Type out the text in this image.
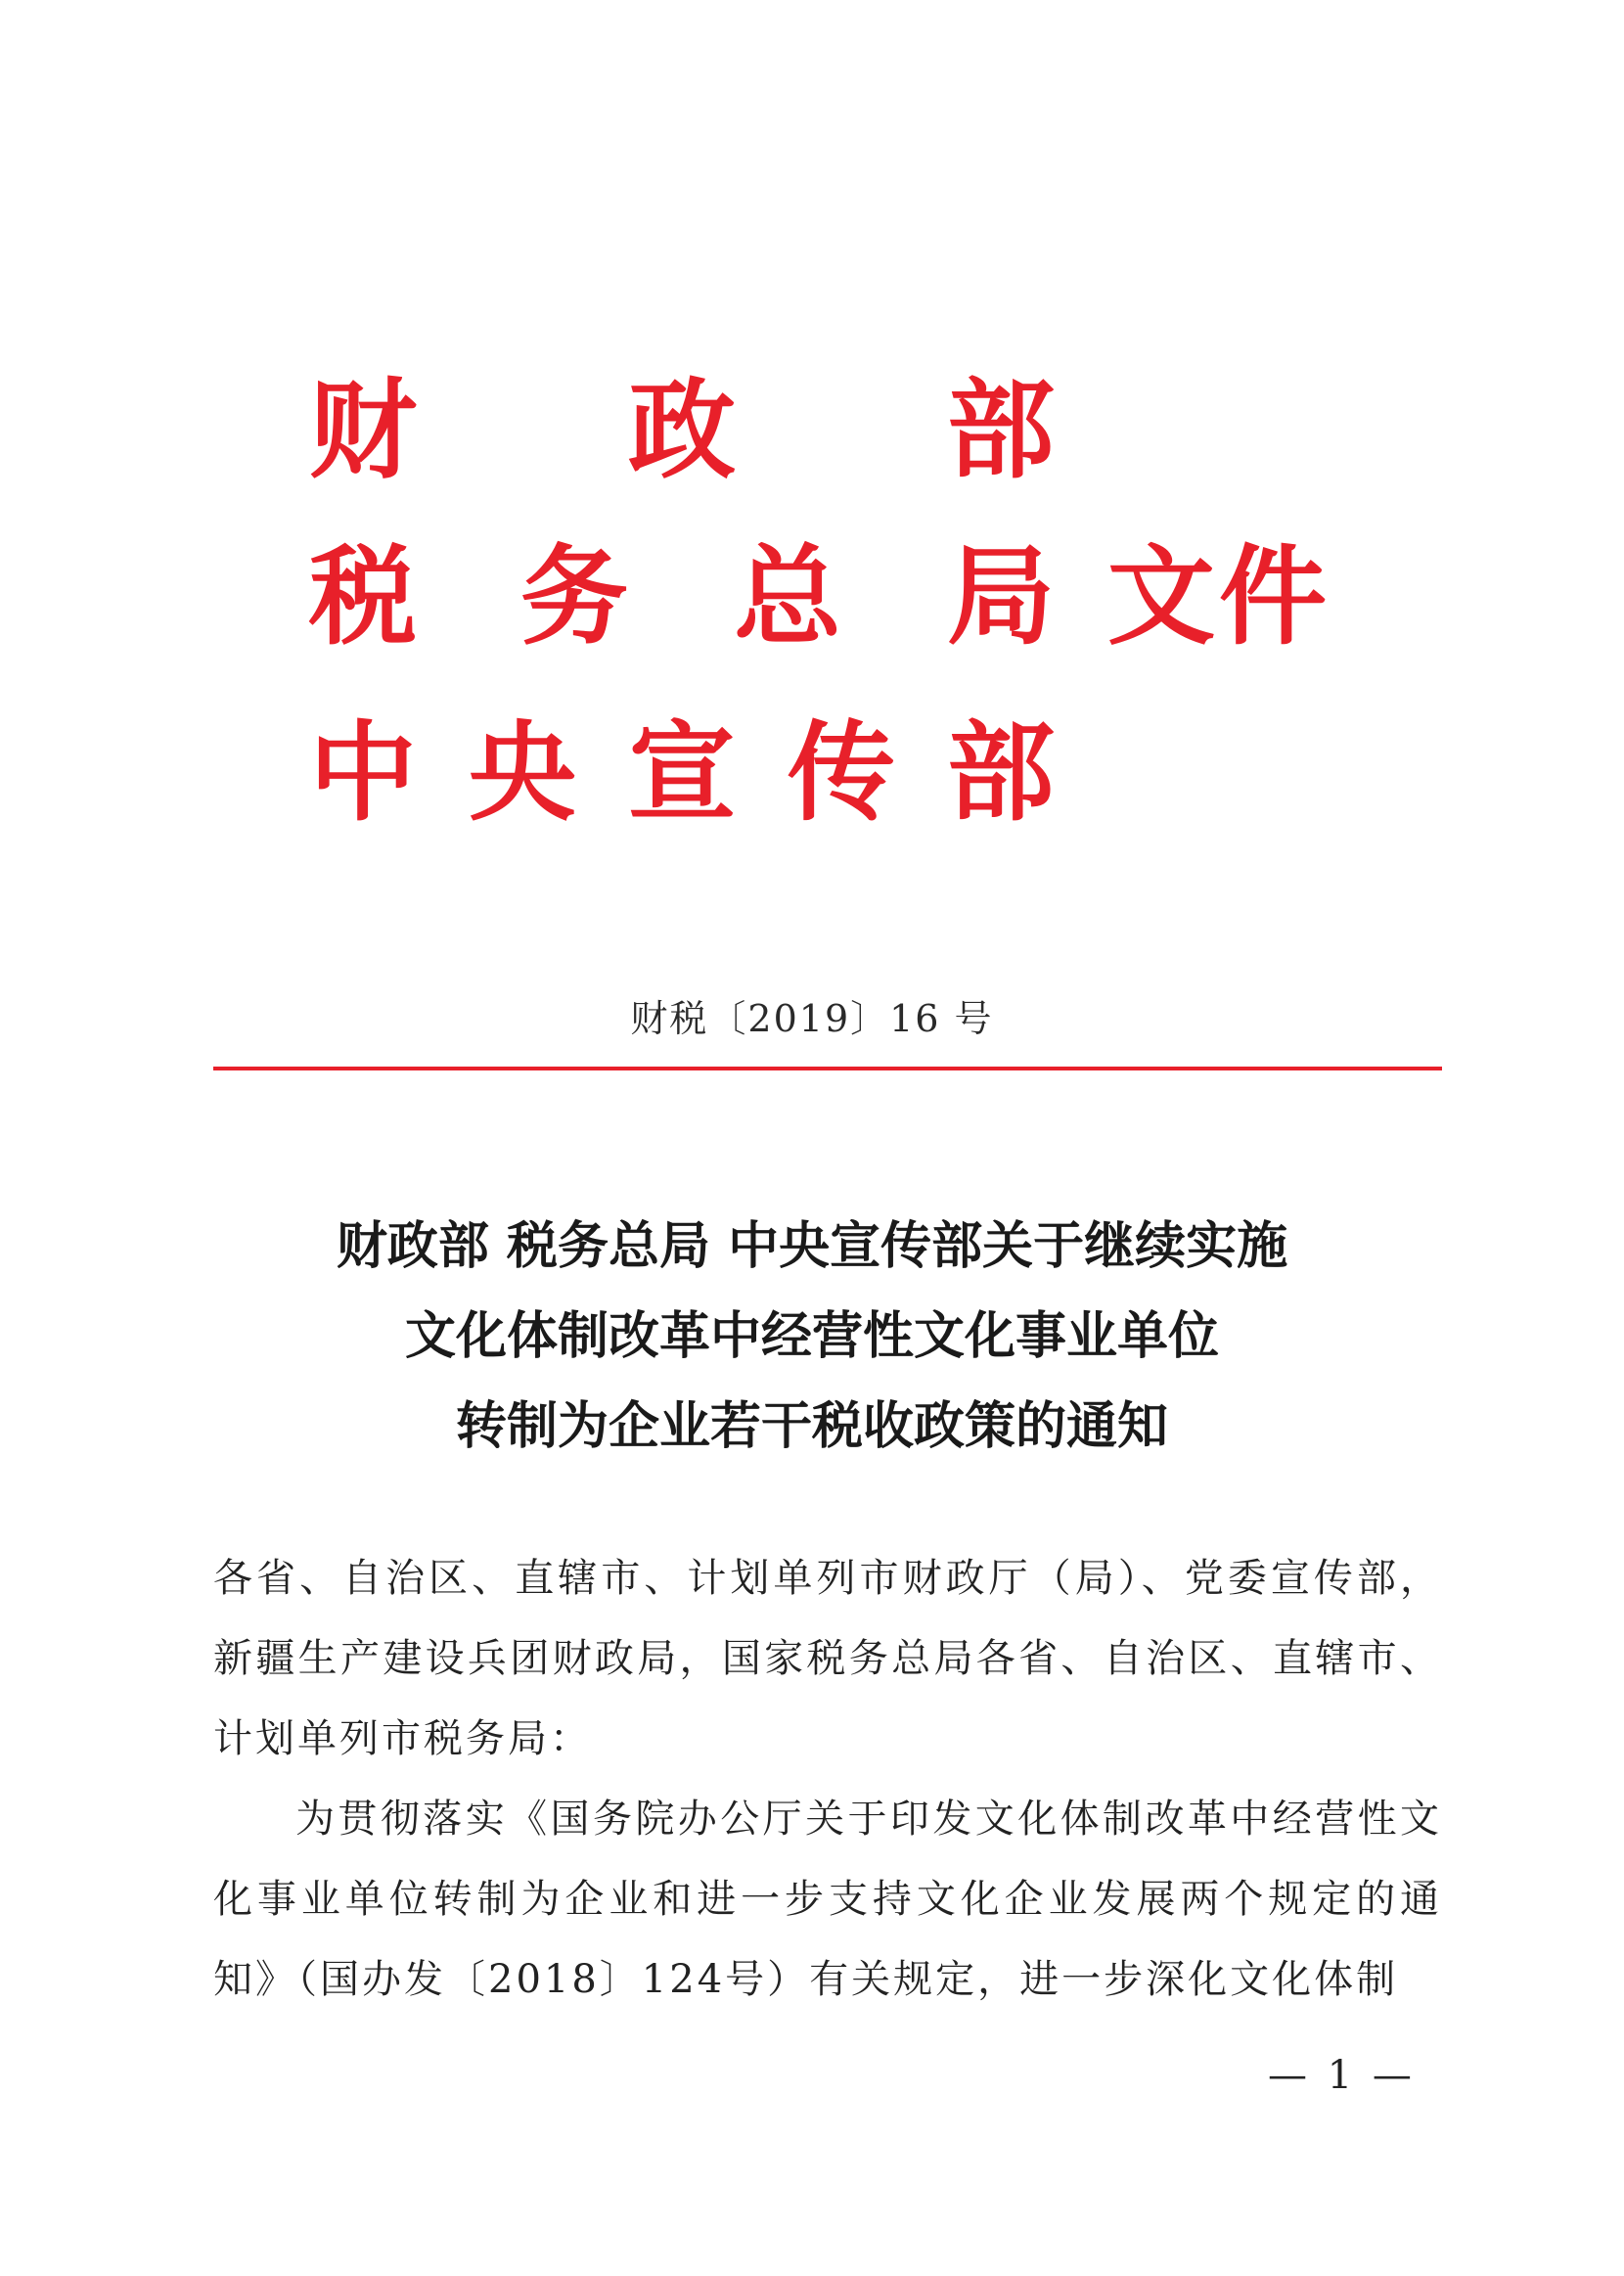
财 政 部
税 务 总 局 文件
中 央 宣 传 部
财税〔2019〕16 号
财政部 税务总局 中央宣传部关于继续实施
文化体制改革中经营性文化事业单位
转制为企业若干税收政策的通知

各省、自治区、直辖市、计划单列市财政厅（局）、党委宣传部，新疆生产建设兵团财政局，国家税务总局各省、自治区、直辖市、计划单列市税务局：

为贯彻落实《国务院办公厅关于印发文化体制改革中经营性文化事业单位转制为企业和进一步支持文化企业发展两个规定的通知》（国办发〔2018〕124号）有关规定，进一步深化文化体制

— 1 —
